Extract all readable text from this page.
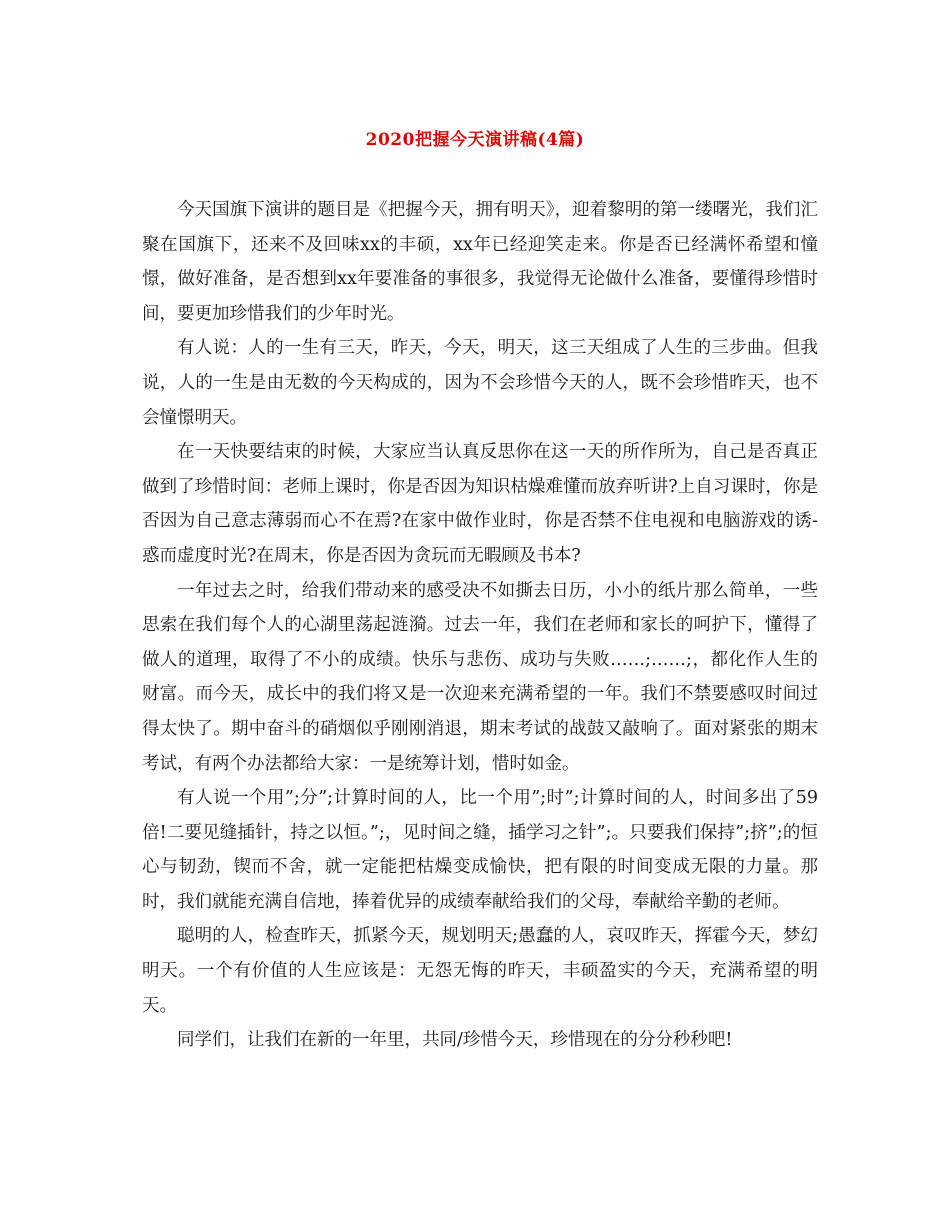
2020把握今天演讲稿(4篇)

今天国旗下演讲的题目是《把握今天，拥有明天》，迎着黎明的第一缕曙光，我们汇聚在国旗下，还来不及回味xx的丰硕，xx年已经迎笑走来。你是否已经满怀希望和憧憬，做好准备，是否想到xx年要准备的事很多，我觉得无论做什么准备，要懂得珍惜时间，要更加珍惜我们的少年时光。

有人说：人的一生有三天，昨天，今天，明天，这三天组成了人生的三步曲。但我说，人的一生是由无数的今天构成的，因为不会珍惜今天的人，既不会珍惜昨天，也不会憧憬明天。

在一天快要结束的时候，大家应当认真反思你在这一天的所作所为，自己是否真正做到了珍惜时间：老师上课时，你是否因为知识枯燥难懂而放弃听讲?上自习课时，你是否因为自己意志薄弱而心不在焉?在家中做作业时，你是否禁不住电视和电脑游戏的诱-惑而虚度时光?在周末，你是否因为贪玩而无暇顾及书本?

一年过去之时，给我们带动来的感受决不如撕去日历，小小的纸片那么简单，一些思索在我们每个人的心湖里荡起涟漪。过去一年，我们在老师和家长的呵护下，懂得了做人的道理，取得了不小的成绩。快乐与悲伤、成功与失败……;……;，都化作人生的财富。而今天，成长中的我们将又是一次迎来充满希望的一年。我们不禁要感叹时间过得太快了。期中奋斗的硝烟似乎刚刚消退，期末考试的战鼓又敲响了。面对紧张的期末考试，有两个办法都给大家：一是统筹计划，惜时如金。

有人说一个用”;分”;计算时间的人，比一个用”;时”;计算时间的人，时间多出了59倍!二要见缝插针，持之以恒。”;，见时间之缝，插学习之针”;。只要我们保持”;挤”;的恒心与韧劲，锲而不舍，就一定能把枯燥变成愉快，把有限的时间变成无限的力量。那时，我们就能充满自信地，捧着优异的成绩奉献给我们的父母，奉献给辛勤的老师。

聪明的人，检查昨天，抓紧今天，规划明天;愚蠢的人，哀叹昨天，挥霍今天，梦幻明天。一个有价值的人生应该是：无怨无悔的昨天，丰硕盈实的今天，充满希望的明天。

同学们，让我们在新的一年里，共同/珍惜今天，珍惜现在的分分秒秒吧!
